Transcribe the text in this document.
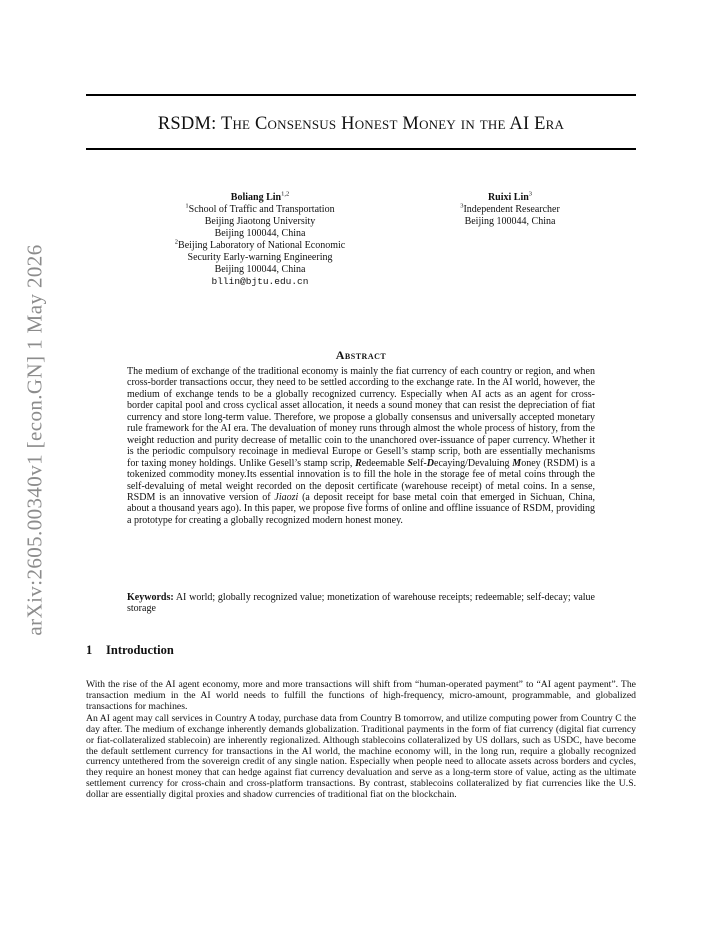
arXiv:2605.00340v1 [econ.GN] 1 May 2026
RSDM: The Consensus Honest Money in the AI Era
Boliang Lin$^{1,2}$
$^1$School of Traffic and Transportation
Beijing Jiaotong University
Beijing 100044, China
$^2$Beijing Laboratory of National Economic
Security Early-warning Engineering
Beijing 100044, China
bllin@bjtu.edu.cn
Ruixi Lin$^3$
$^3$Independent Researcher
Beijing 100044, China
Abstract

The medium of exchange of the traditional economy is mainly the fiat currency of each country or region, and when cross-border transactions occur, they need to be settled according to the exchange rate. In the AI world, however, the medium of exchange tends to be a globally recognized currency. Especially when AI acts as an agent for cross-border capital pool and cross cyclical asset allocation, it needs a sound money that can resist the depreciation of fiat currency and store long-term value. Therefore, we propose a globally consensus and universally accepted monetary rule framework for the AI era. The devaluation of money runs through almost the whole process of history, from the weight reduction and purity decrease of metallic coin to the unanchored over-issuance of paper currency. Whether it is the periodic compulsory recoinage in medieval Europe or Gesell’s stamp scrip, both are essentially mechanisms for taxing money holdings. Unlike Gesell’s stamp scrip, Redeemable Self-Decaying/Devaluing Money (RSDM) is a tokenized commodity money.Its essential innovation is to fill the hole in the storage fee of metal coins through the self-devaluing of metal weight recorded on the deposit certificate (warehouse receipt) of metal coins. In a sense, RSDM is an innovative version of Jiaozi (a deposit receipt for base metal coin that emerged in Sichuan, China, about a thousand years ago). In this paper, we propose five forms of online and offline issuance of RSDM, providing a prototype for creating a globally recognized modern honest money.

Keywords: AI world; globally recognized value; monetization of warehouse receipts; redeemable; self-decay; value storage
1 Introduction
With the rise of the AI agent economy, more and more transactions will shift from “human-operated payment” to “AI agent payment”. The transaction medium in the AI world needs to fulfill the functions of high-frequency, micro-amount, programmable, and globalized transactions for machines.
An AI agent may call services in Country A today, purchase data from Country B tomorrow, and utilize computing power from Country C the day after. The medium of exchange inherently demands globalization. Traditional payments in the form of fiat currency (digital fiat currency or fiat-collateralized stablecoin) are inherently regionalized. Although stablecoins collateralized by US dollars, such as USDC, have become the default settlement currency for transactions in the AI world, the machine economy will, in the long run, require a globally recognized currency untethered from the sovereign credit of any single nation. Especially when people need to allocate assets across borders and cycles, they require an honest money that can hedge against fiat currency devaluation and serve as a long-term store of value, acting as the ultimate settlement currency for cross-chain and cross-platform transactions. By contrast, stablecoins collateralized by fiat currencies like the U.S. dollar are essentially digital proxies and shadow currencies of traditional fiat on the blockchain.
